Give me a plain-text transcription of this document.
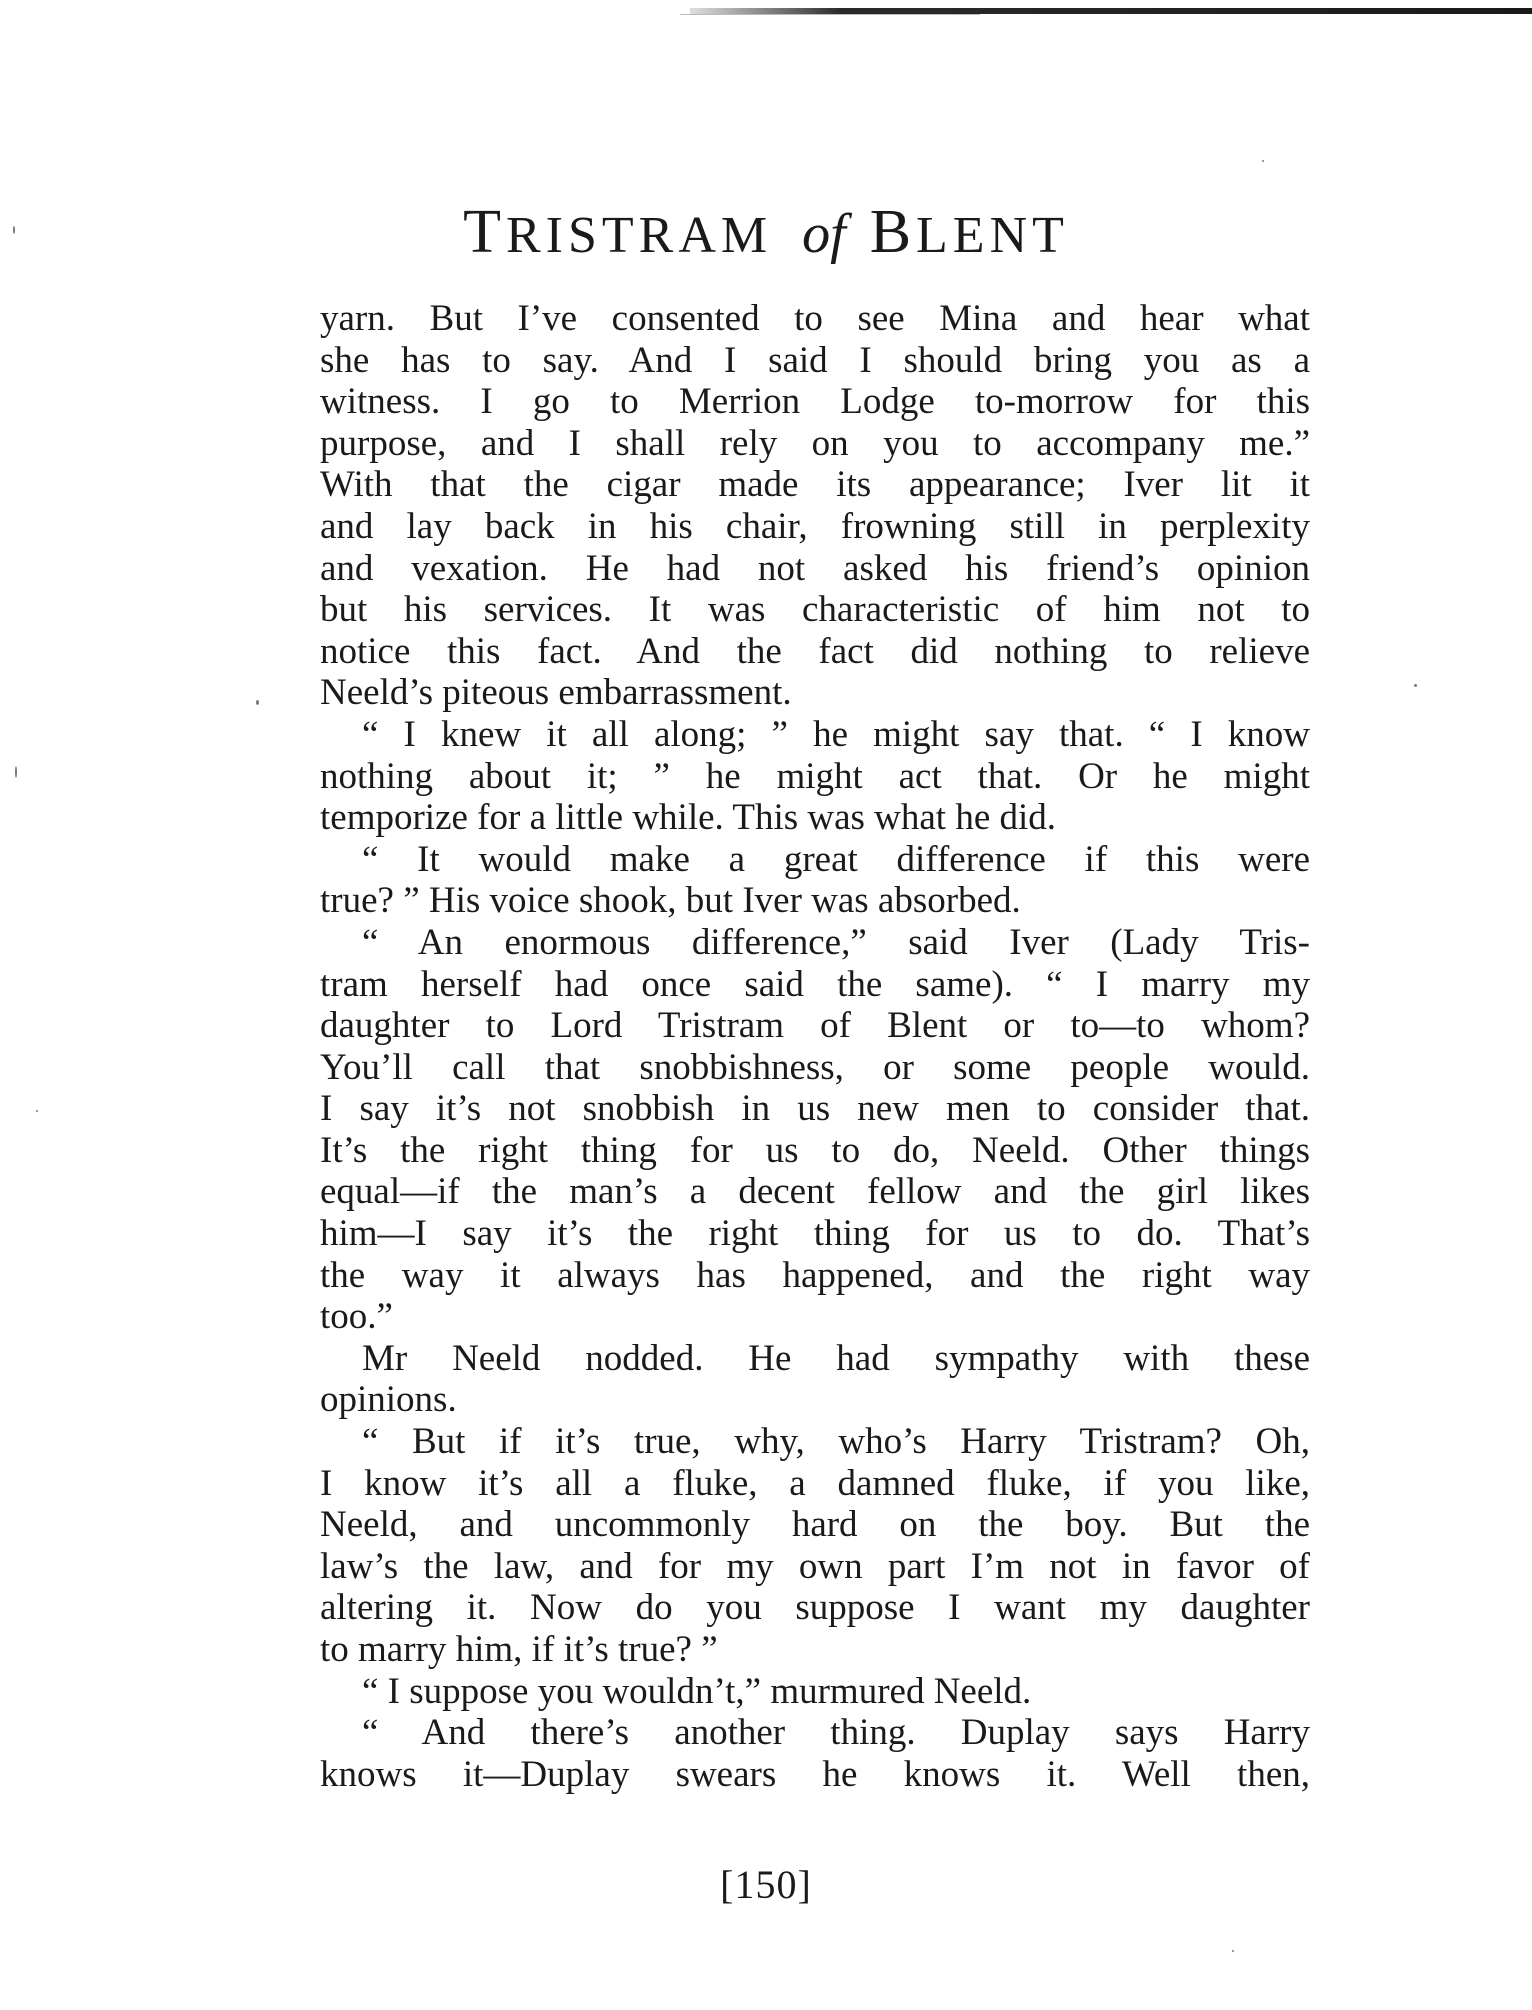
TRISTRAM of BLENT
yarn. But I’ve consented to see Mina and hear what
she has to say. And I said I should bring you as a
witness. I go to Merrion Lodge to-morrow for this
purpose, and I shall rely on you to accompany me.”
With that the cigar made its appearance; Iver lit it
and lay back in his chair, frowning still in perplexity
and vexation. He had not asked his friend’s opinion
but his services. It was characteristic of him not to
notice this fact. And the fact did nothing to relieve
Neeld’s piteous embarrassment.
“ I knew it all along; ” he might say that. “ I know
nothing about it; ” he might act that. Or he might
temporize for a little while. This was what he did.
“ It would make a great difference if this were
true? ” His voice shook, but Iver was absorbed.
“ An enormous difference,” said Iver (Lady Tris-
tram herself had once said the same). “ I marry my
daughter to Lord Tristram of Blent or to—to whom?
You’ll call that snobbishness, or some people would.
I say it’s not snobbish in us new men to consider that.
It’s the right thing for us to do, Neeld. Other things
equal—if the man’s a decent fellow and the girl likes
him—I say it’s the right thing for us to do. That’s
the way it always has happened, and the right way
too.”
Mr Neeld nodded. He had sympathy with these
opinions.
“ But if it’s true, why, who’s Harry Tristram? Oh,
I know it’s all a fluke, a damned fluke, if you like,
Neeld, and uncommonly hard on the boy. But the
law’s the law, and for my own part I’m not in favor of
altering it. Now do you suppose I want my daughter
to marry him, if it’s true? ”
“ I suppose you wouldn’t,” murmured Neeld.
“ And there’s another thing. Duplay says Harry
knows it—Duplay swears he knows it. Well then,
[150]
